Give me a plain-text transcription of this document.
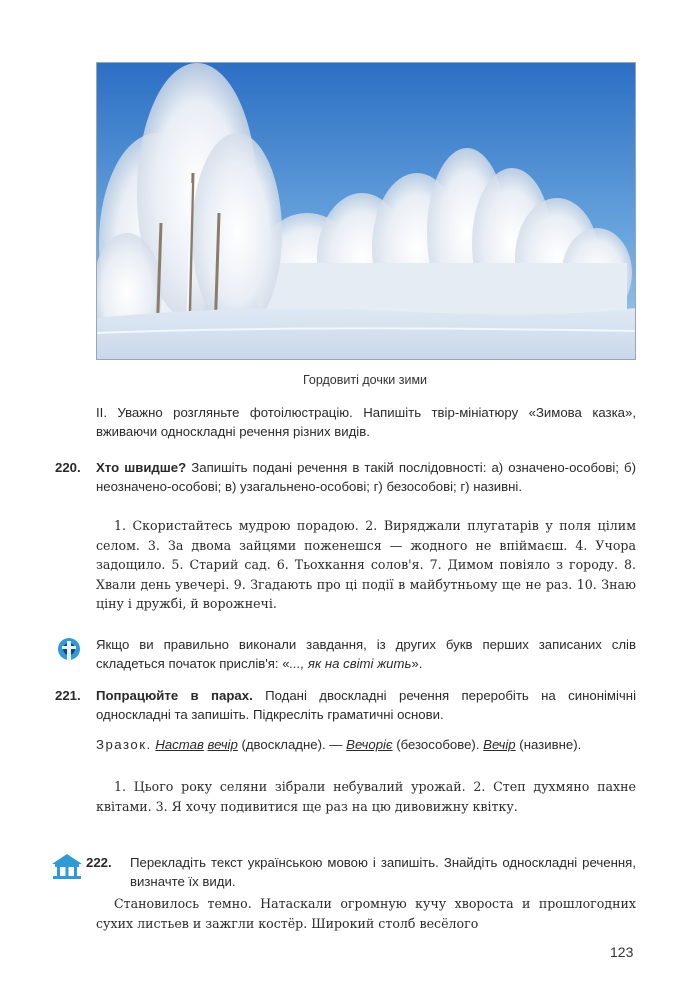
Гордовиті дочки зими
ІІ. Уважно розгляньте фотоілюстрацію. Напишіть твір-мініатюру «Зимова казка», вживаючи односкладні речення різних видів.
220. Хто швидше? Запишіть подані речення в такій послідовності: а) означено-особові; б) неозначено-особові; в) узагальнено-особові; г) безособові; г) називні.
1. Скористайтесь мудрою порадою. 2. Виряджали плугатарів у поля цілим селом. 3. За двома зайцями поженешся — жодного не впіймаєш. 4. Учора задощило. 5. Старий сад. 6. Тьохкання солов'я. 7. Димом повіяло з городу. 8. Хвали день увечері. 9. Згадають про ці події в майбутньому ще не раз. 10. Знаю ціну і дружбі, й ворожнечі.
Якщо ви правильно виконали завдання, із других букв перших записаних слів складеться початок прислів'я: «..., як на світі жить».
221. Попрацюйте в парах. Подані двоскладні речення переробіть на синонімічні односкладні та запишіть. Підкресліть граматичні основи.
Зразок. Настав вечір (двоскладне). — Вечоріє (безособове). Вечір (називне).
1. Цього року селяни зібрали небувалий урожай. 2. Степ духмяно пахне квітами. 3. Я хочу подивитися ще раз на цю дивовижну квітку.
222. Перекладіть текст українською мовою і запишіть. Знайдіть односкладні речення, визначте їх види.
Становилось темно. Натаскали огромную кучу хвороста и прошлогодних сухих листьев и зажгли костёр. Широкий столб весёлого
123
